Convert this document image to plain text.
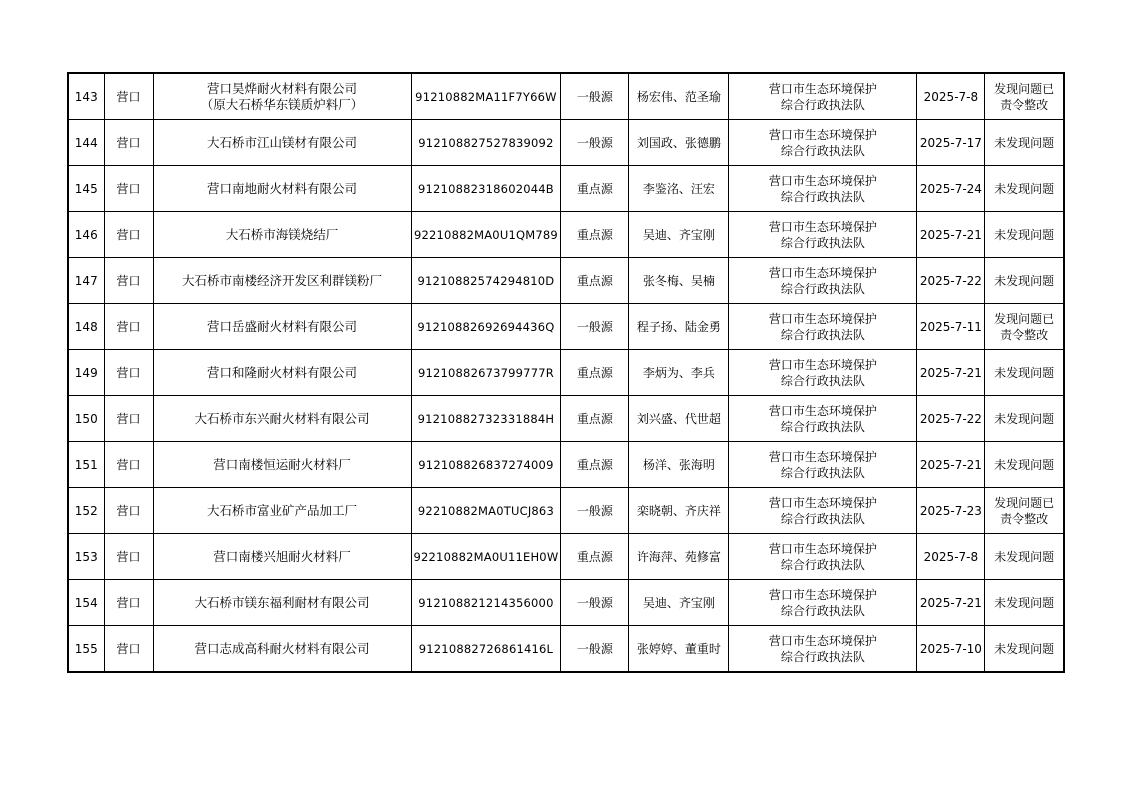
143	营口	营口昊烨耐火材料有限公司
（原大石桥华东镁质炉料厂）	91210882MA11F7Y66W	一般源	杨宏伟、范圣瑜	营口市生态环境保护
综合行政执法队	2025-7-8	发现问题已
责令整改

144	营口	大石桥市江山镁材有限公司	912108827527839092	一般源	刘国政、张德鹏	营口市生态环境保护
综合行政执法队	2025-7-17	未发现问题

145	营口	营口南地耐火材料有限公司	91210882318602044B	重点源	李鉴洺、汪宏	营口市生态环境保护
综合行政执法队	2025-7-24	未发现问题

146	营口	大石桥市海镁烧结厂	92210882MA0U1QM789	重点源	吴迪、齐宝刚	营口市生态环境保护
综合行政执法队	2025-7-21	未发现问题

147	营口	大石桥市南楼经济开发区利群镁粉厂	91210882574294810D	重点源	张冬梅、吴楠	营口市生态环境保护
综合行政执法队	2025-7-22	未发现问题

148	营口	营口岳盛耐火材料有限公司	91210882692694436Q	一般源	程子扬、陆金勇	营口市生态环境保护
综合行政执法队	2025-7-11	发现问题已
责令整改

149	营口	营口和隆耐火材料有限公司	91210882673799777R	重点源	李炳为、李兵	营口市生态环境保护
综合行政执法队	2025-7-21	未发现问题

150	营口	大石桥市东兴耐火材料有限公司	91210882732331884H	重点源	刘兴盛、代世超	营口市生态环境保护
综合行政执法队	2025-7-22	未发现问题

151	营口	营口南楼恒运耐火材料厂	912108826837274009	重点源	杨洋、张海明	营口市生态环境保护
综合行政执法队	2025-7-21	未发现问题

152	营口	大石桥市富业矿产品加工厂	92210882MA0TUCJ863	一般源	栾晓朝、齐庆祥	营口市生态环境保护
综合行政执法队	2025-7-23	发现问题已
责令整改

153	营口	营口南楼兴旭耐火材料厂	92210882MA0U11EH0W	重点源	许海萍、苑修富	营口市生态环境保护
综合行政执法队	2025-7-8	未发现问题

154	营口	大石桥市镁东福利耐材有限公司	912108821214356000	一般源	吴迪、齐宝刚	营口市生态环境保护
综合行政执法队	2025-7-21	未发现问题

155	营口	营口志成高科耐火材料有限公司	91210882726861416L	一般源	张婷婷、董重时	营口市生态环境保护
综合行政执法队	2025-7-10	未发现问题
